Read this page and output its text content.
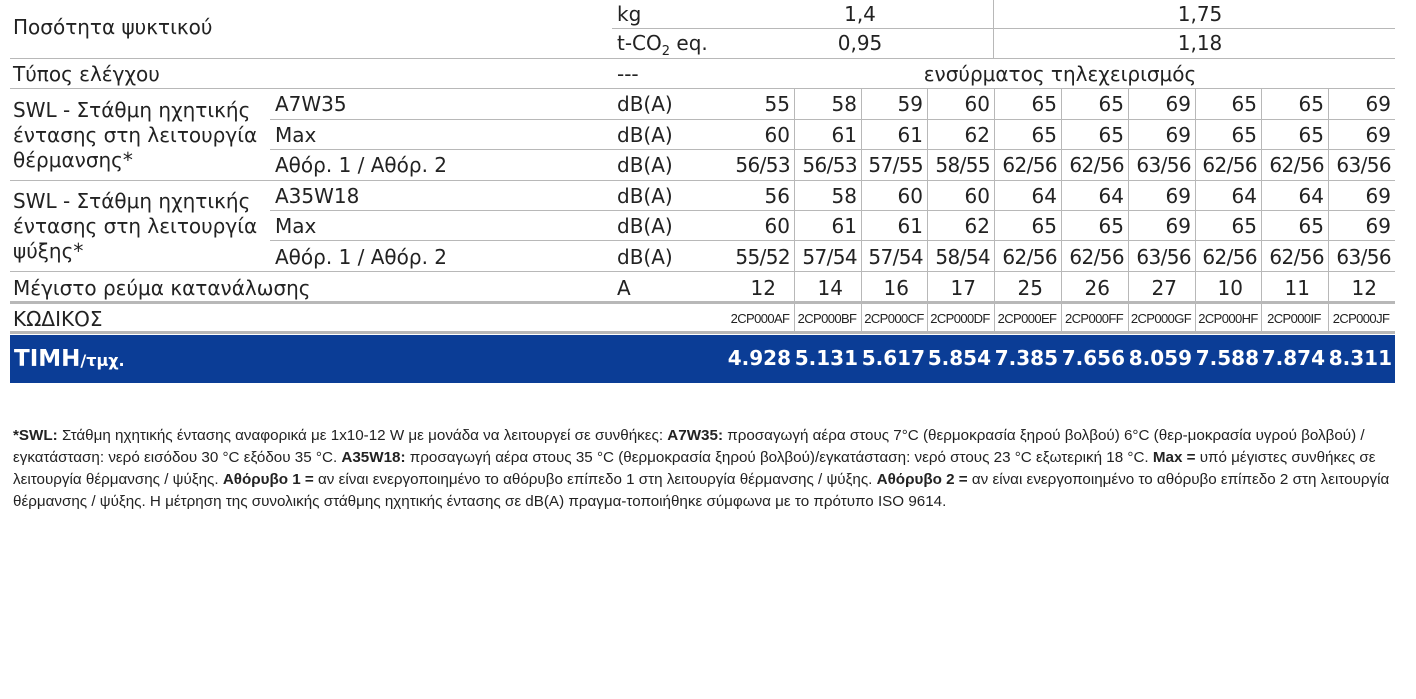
Ποσότητα ψυκτικού
kg	1,4	1,75
$t-CO_2$ eq.	0,95	1,18
Τύπος ελέγχου	---	ενσύρματος τηλεχειρισμός
SWL - Στάθμη ηχητικής
έντασης στη λειτουργία
θέρμανσης*
A7W35	dB(A)	55	58	59	60	65	65	69	65	65	69
Max	dB(A)	60	61	61	62	65	65	69	65	65	69
Αθόρ. 1 / Αθόρ. 2	dB(A)	56/53 56/53 57/55 58/55 62/56 62/56 63/56 62/56 62/56 63/56
SWL - Στάθμη ηχητικής
έντασης στη λειτουργία
ψύξης*
A35W18	dB(A)	56	58	60	60	64	64	69	64	64	69
Max	dB(A)	60	61	61	62	65	65	69	65	65	69
Αθόρ. 1 / Αθόρ. 2	dB(A)	55/52 57/54 57/54 58/54 62/56 62/56 63/56 62/56 62/56 63/56
Μέγιστο ρεύμα κατανάλωσης	A	12	14	16	17	25	26	27	10	11	12
ΚΩΔΙΚΟΣ	2CP000AF 2CP000BF 2CP000CF 2CP000DF 2CP000EF 2CP000FF 2CP000GF 2CP000HF 2CP000IF 2CP000JF
ΤΙΜΗ/τμχ.	4.928 5.131 5.617 5.854 7.385 7.656 8.059 7.588 7.874 8.311
*SWL: Στάθμη ηχητικής έντασης αναφορικά με 1x10-12 W με μονάδα να λειτουργεί σε συνθήκες: A7W35: προσαγωγή αέρα στους 7°C (θερμοκρασία ξηρού βολβού) 6°C (θερ-μοκρασία υγρού βολβού) / εγκατάσταση: νερό εισόδου 30 °C εξόδου 35 °C. A35W18: προσαγωγή αέρα στους 35 °C (θερμοκρασία ξηρού βολβού)/εγκατάσταση: νερό στους 23 °C εξωτερική 18 °C. Max = υπό μέγιστες συνθήκες σε λειτουργία θέρμανσης / ψύξης. Αθόρυβο 1 = αν είναι ενεργοποιημένο το αθόρυβο επίπεδο 1 στη λειτουργία θέρμανσης / ψύξης. Αθόρυβο 2 = αν είναι ενεργοποιημένο το αθόρυβο επίπεδο 2 στη λειτουργία θέρμανσης / ψύξης. Η μέτρηση της συνολικής στάθμης ηχητικής έντασης σε dB(A) πραγμα-τοποιήθηκε σύμφωνα με το πρότυπο ISO 9614.
